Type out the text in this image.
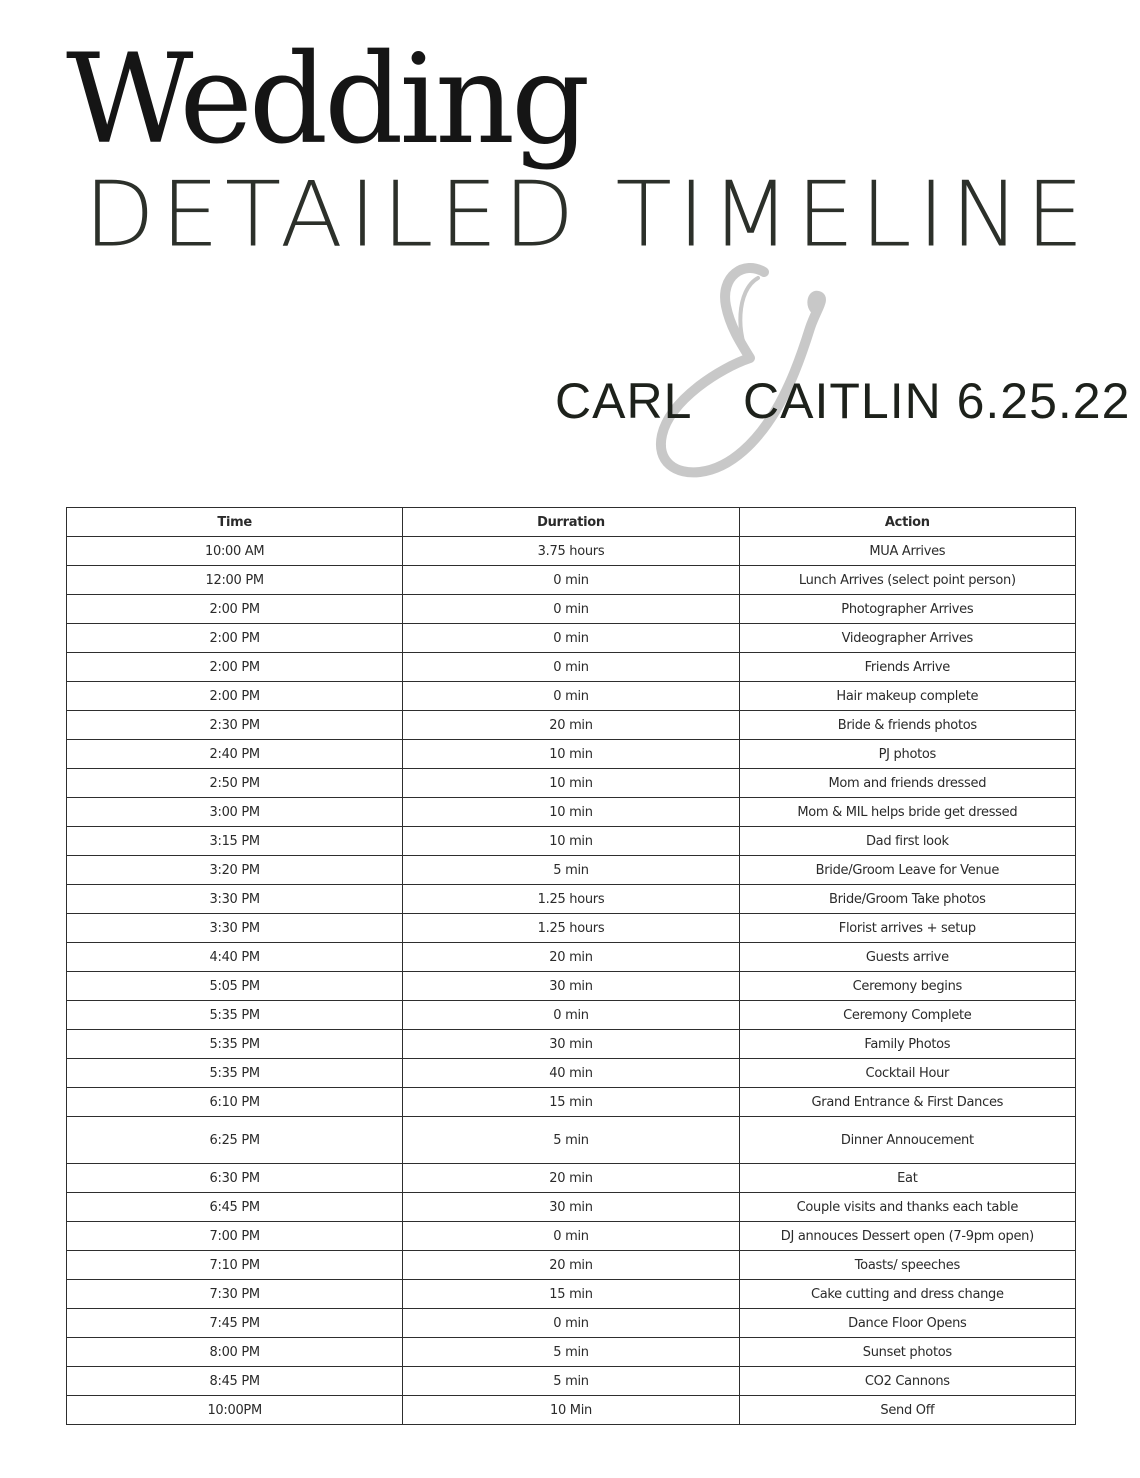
Wedding
DETAILED TIMELINE
CARL CAITLIN 6.25.22
Time	Durration	Action
10:00 AM	3.75 hours	MUA Arrives
12:00 PM	0 min	Lunch Arrives (select point person)
2:00 PM	0 min	Photographer Arrives
2:00 PM	0 min	Videographer Arrives
2:00 PM	0 min	Friends Arrive
2:00 PM	0 min	Hair makeup complete
2:30 PM	20 min	Bride & friends photos
2:40 PM	10 min	PJ photos
2:50 PM	10 min	Mom and friends dressed
3:00 PM	10 min	Mom & MIL helps bride get dressed
3:15 PM	10 min	Dad first look
3:20 PM	5 min	Bride/Groom Leave for Venue
3:30 PM	1.25 hours	Bride/Groom Take photos
3:30 PM	1.25 hours	Florist arrives + setup
4:40 PM	20 min	Guests arrive
5:05 PM	30 min	Ceremony begins
5:35 PM	0 min	Ceremony Complete
5:35 PM	30 min	Family Photos
5:35 PM	40 min	Cocktail Hour
6:10 PM	15 min	Grand Entrance & First Dances
6:25 PM	5 min	Dinner Annoucement
6:30 PM	20 min	Eat
6:45 PM	30 min	Couple visits and thanks each table
7:00 PM	0 min	DJ annouces Dessert open (7-9pm open)
7:10 PM	20 min	Toasts/ speeches
7:30 PM	15 min	Cake cutting and dress change
7:45 PM	0 min	Dance Floor Opens
8:00 PM	5 min	Sunset photos
8:45 PM	5 min	CO2 Cannons
10:00PM	10 Min	Send Off
